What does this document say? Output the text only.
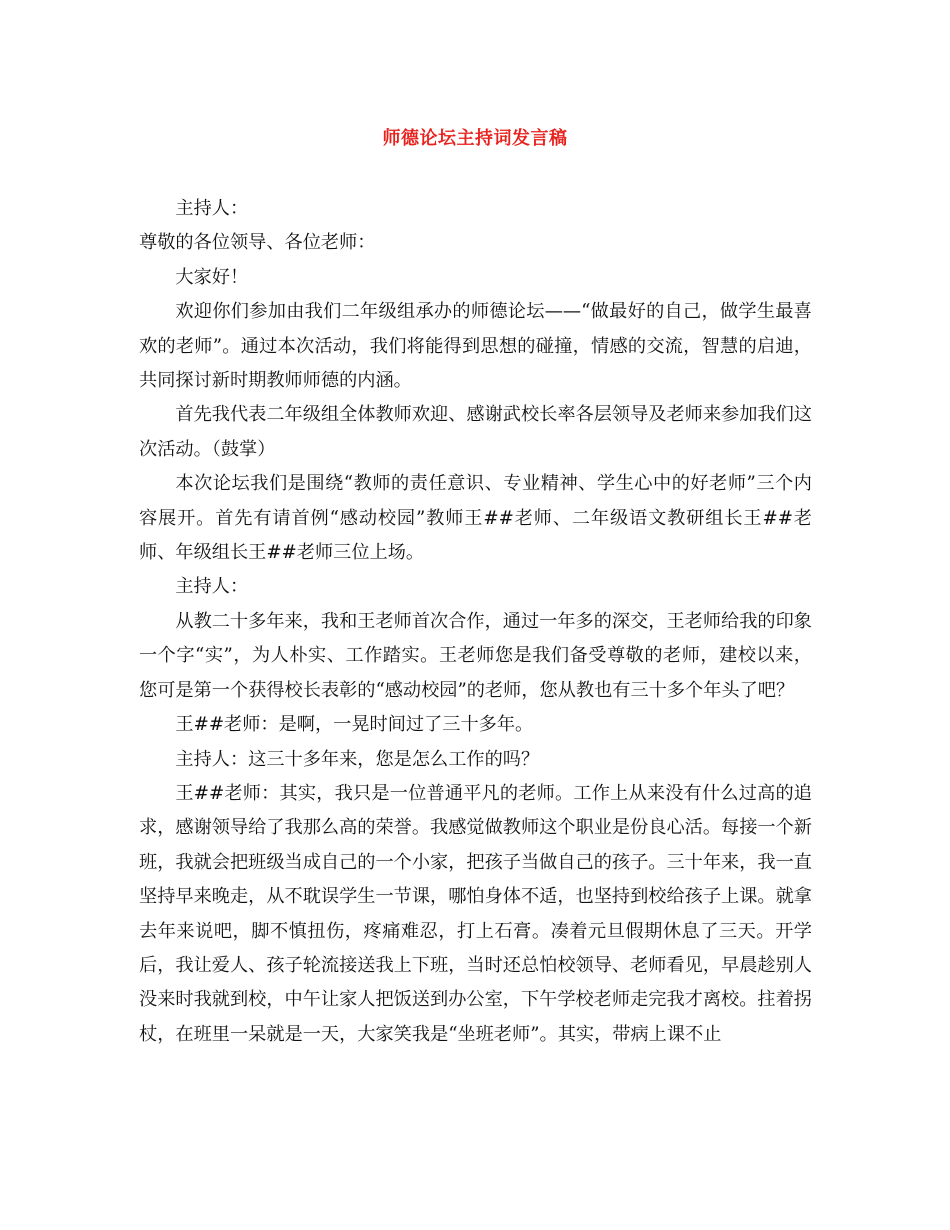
师德论坛主持词发言稿

主持人：

尊敬的各位领导、各位老师：

大家好！

欢迎你们参加由我们二年级组承办的师德论坛——“做最好的自己，做学生最喜欢的老师”。通过本次活动，我们将能得到思想的碰撞，情感的交流，智慧的启迪，共同探讨新时期教师师德的内涵。

首先我代表二年级组全体教师欢迎、感谢武校长率各层领导及老师来参加我们这次活动。（鼓掌）

本次论坛我们是围绕“教师的责任意识、专业精神、学生心中的好老师”三个内容展开。首先有请首例“感动校园”教师王##老师、二年级语文教研组长王##老师、年级组长王##老师三位上场。

主持人：

从教二十多年来，我和王老师首次合作，通过一年多的深交，王老师给我的印象一个字“实”，为人朴实、工作踏实。王老师您是我们备受尊敬的老师，建校以来，您可是第一个获得校长表彰的“感动校园”的老师，您从教也有三十多个年头了吧？

王##老师：是啊，一晃时间过了三十多年。

主持人：这三十多年来，您是怎么工作的吗？

王##老师：其实，我只是一位普通平凡的老师。工作上从来没有什么过高的追求，感谢领导给了我那么高的荣誉。我感觉做教师这个职业是份良心活。每接一个新班，我就会把班级当成自己的一个小家，把孩子当做自己的孩子。三十年来，我一直坚持早来晚走，从不耽误学生一节课，哪怕身体不适，也坚持到校给孩子上课。就拿去年来说吧，脚不慎扭伤，疼痛难忍，打上石膏。凑着元旦假期休息了三天。开学后，我让爱人、孩子轮流接送我上下班，当时还总怕校领导、老师看见，早晨趁别人没来时我就到校，中午让家人把饭送到办公室，下午学校老师走完我才离校。拄着拐杖，在班里一呆就是一天，大家笑我是“坐班老师”。其实，带病上课不止
